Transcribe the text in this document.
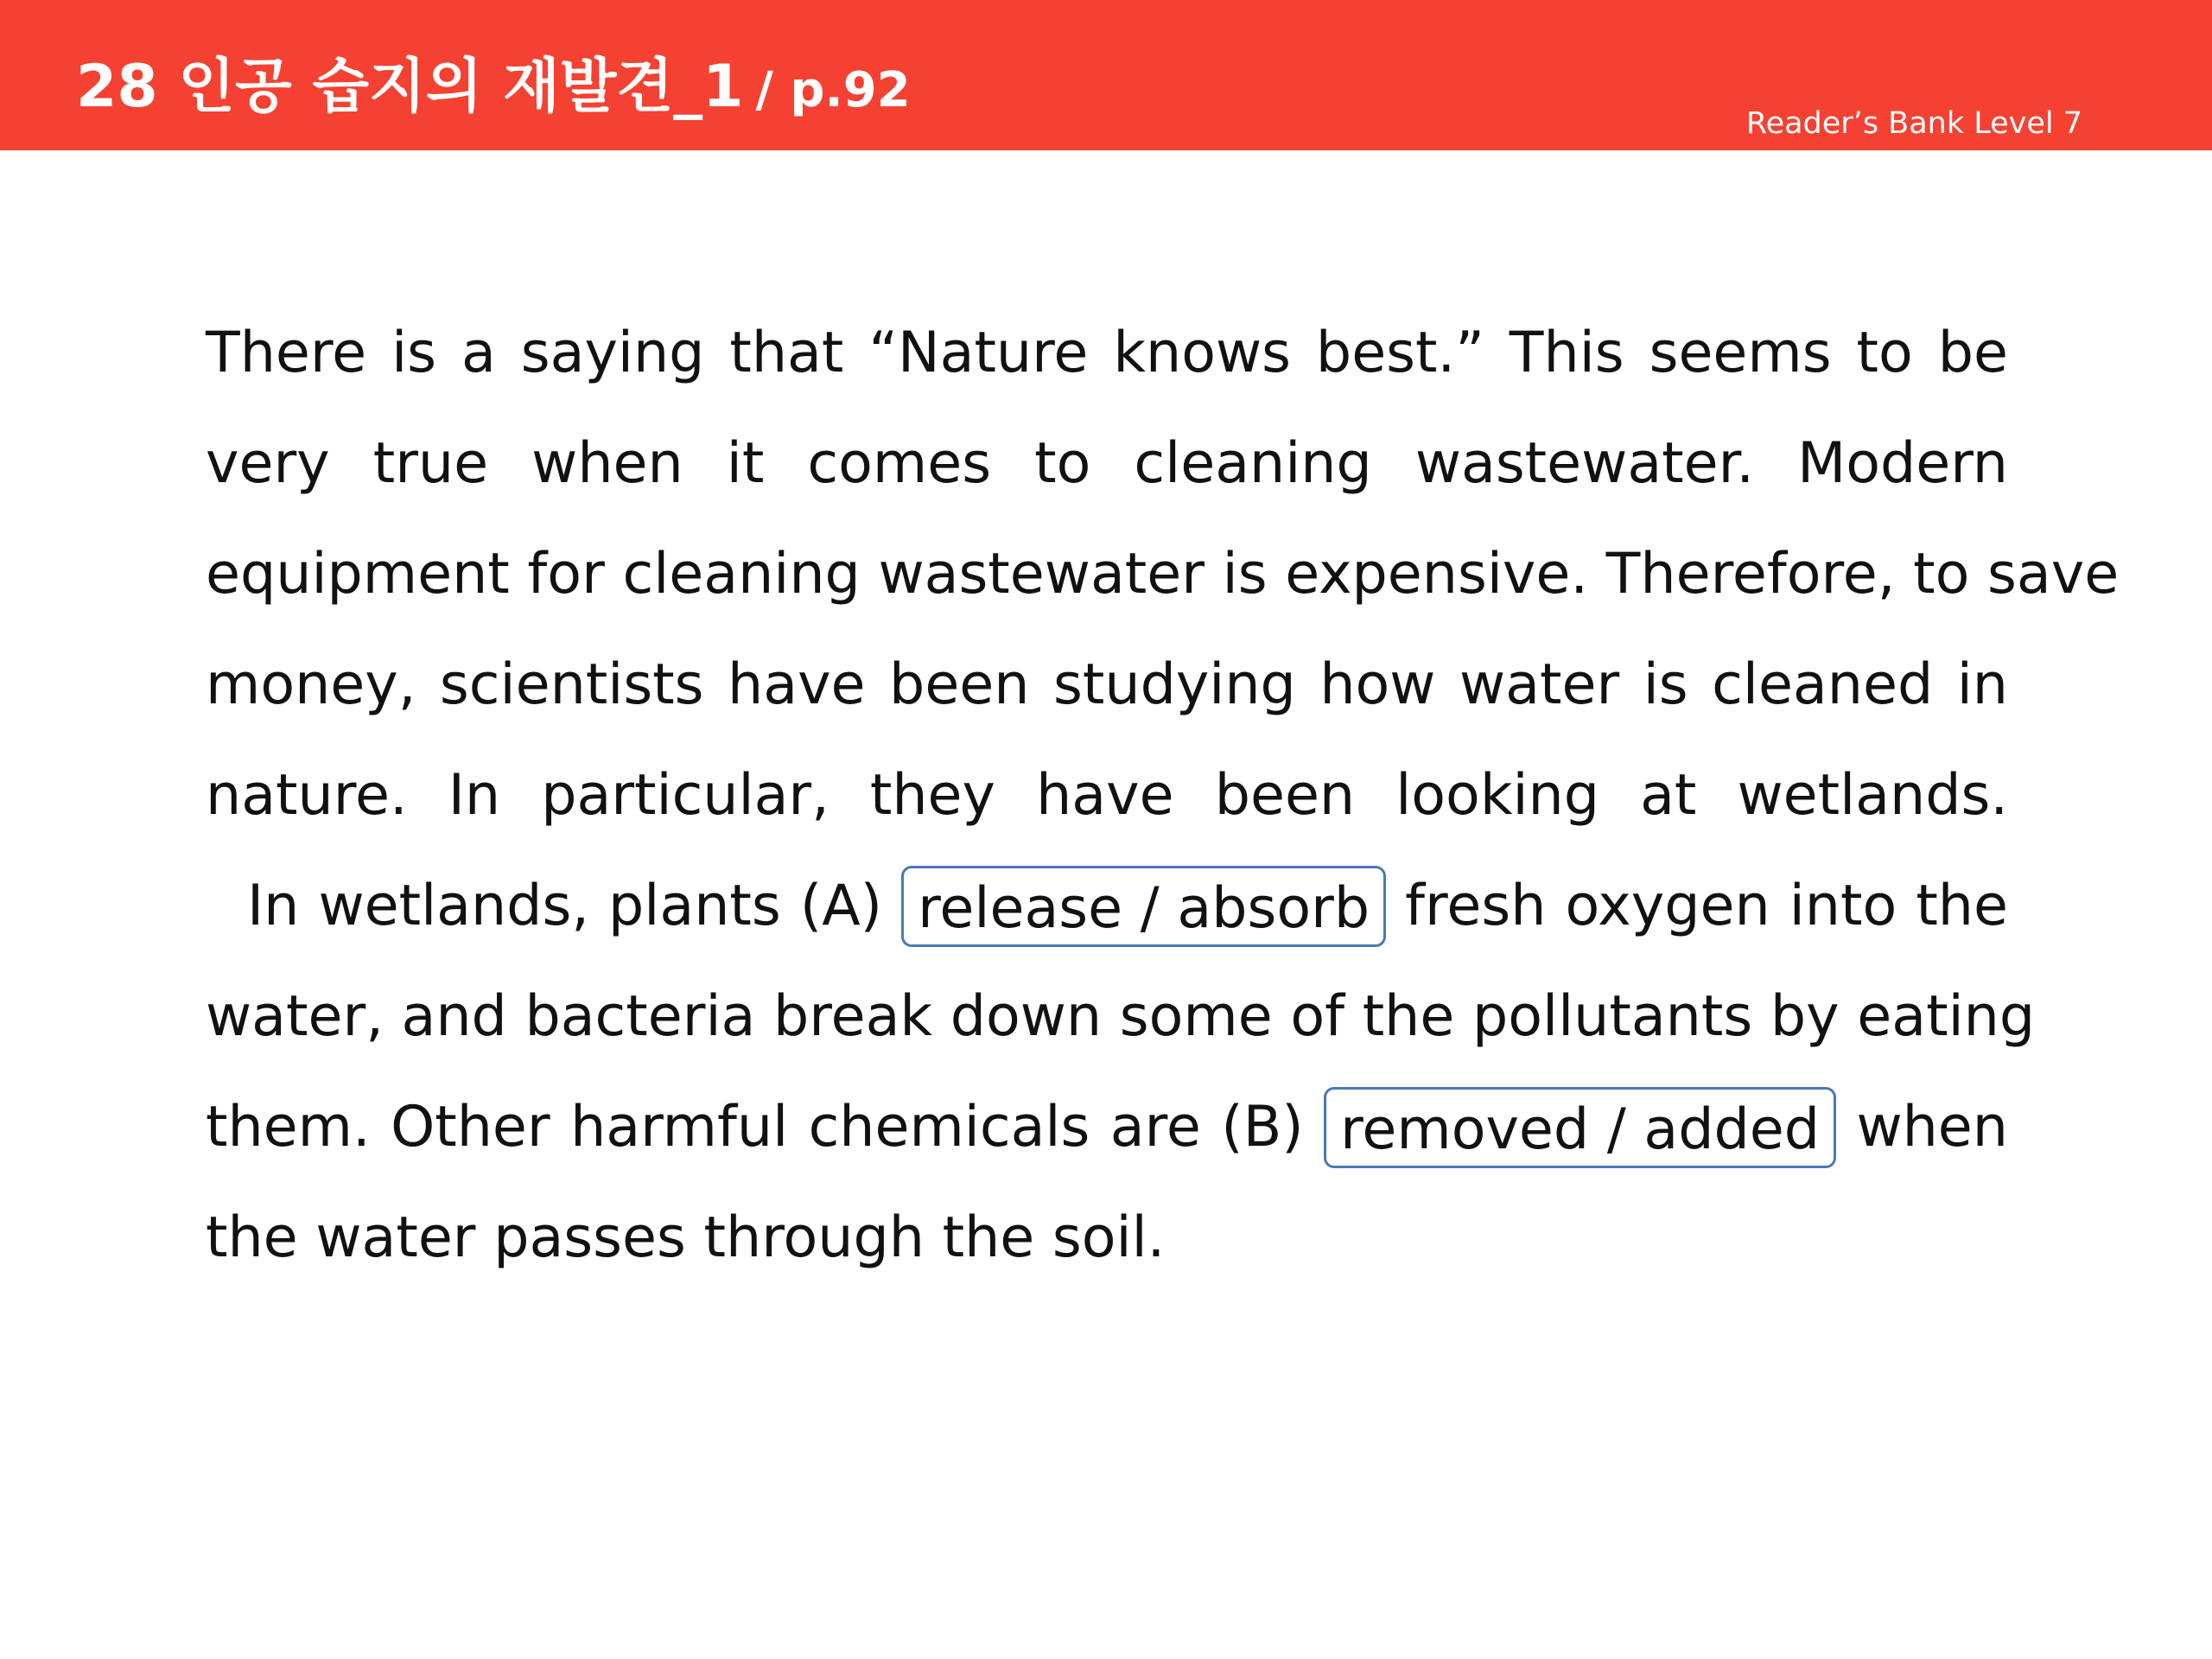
28 인공 습지의 재발견_1 / p.92
Reader’s Bank Level 7
There is a saying that “Nature knows best.” This seems to be
very true when it comes to cleaning wastewater. Modern
equipment for cleaning wastewater is expensive. Therefore, to save
money, scientists have been studying how water is cleaned in
nature. In particular, they have been looking at wetlands.
In wetlands, plants (A) release / absorb fresh oxygen into the
water, and bacteria break down some of the pollutants by eating
them. Other harmful chemicals are (B) removed / added when
the water passes through the soil.
